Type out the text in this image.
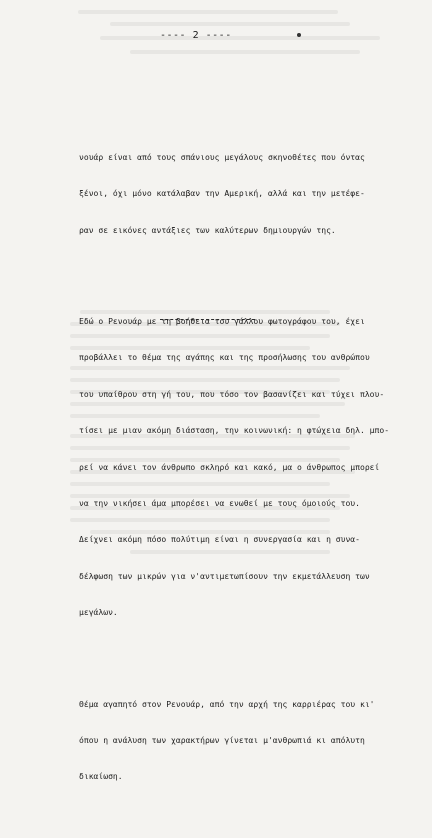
---- 2 ----

νουάρ είναι από τους σπάνιους μεγάλους σκηνοθέτες που όντας

ξένοι, όχι μόνο κατάλαβαν την Αμερική, αλλά και την μετέφε-

ραν σε εικόνες αντάξιες των καλύτερων δημιουργών της.

Εδώ ο Ρενουάρ με τη βοήθεια του γάλλου φωτογράφου του, έχει

προβάλλει το θέμα της αγάπης και της προσήλωσης του ανθρώπου

του υπαίθρου στη γή του, που τόσο τον βασανίζει και τύχει πλου-

τίσει με μιαν ακόμη διάσταση, την κοινωνική: η φτώχεια δηλ. μπο-

ρεί να κάνει τον άνθρωπο σκληρό και κακό, μα ο άνθρωπος μπορεί

να την νικήσει άμα μπορέσει να ενωθεί με τους όμοιούς του.

Δείχνει ακόμη πόσο πολύτιμη είναι η συνεργασία και η συνα-

δέλφωση των μικρών για ν'αντιμετωπίσουν την εκμετάλλευση των

μεγάλων.

Θέμα αγαπητό στον Ρενουάρ, από την αρχή της καρριέρας του κι'

όπου η ανάλυση των χαρακτήρων γίνεται μ'ανθρωπιά κι απόλυτη

δικαίωση.
